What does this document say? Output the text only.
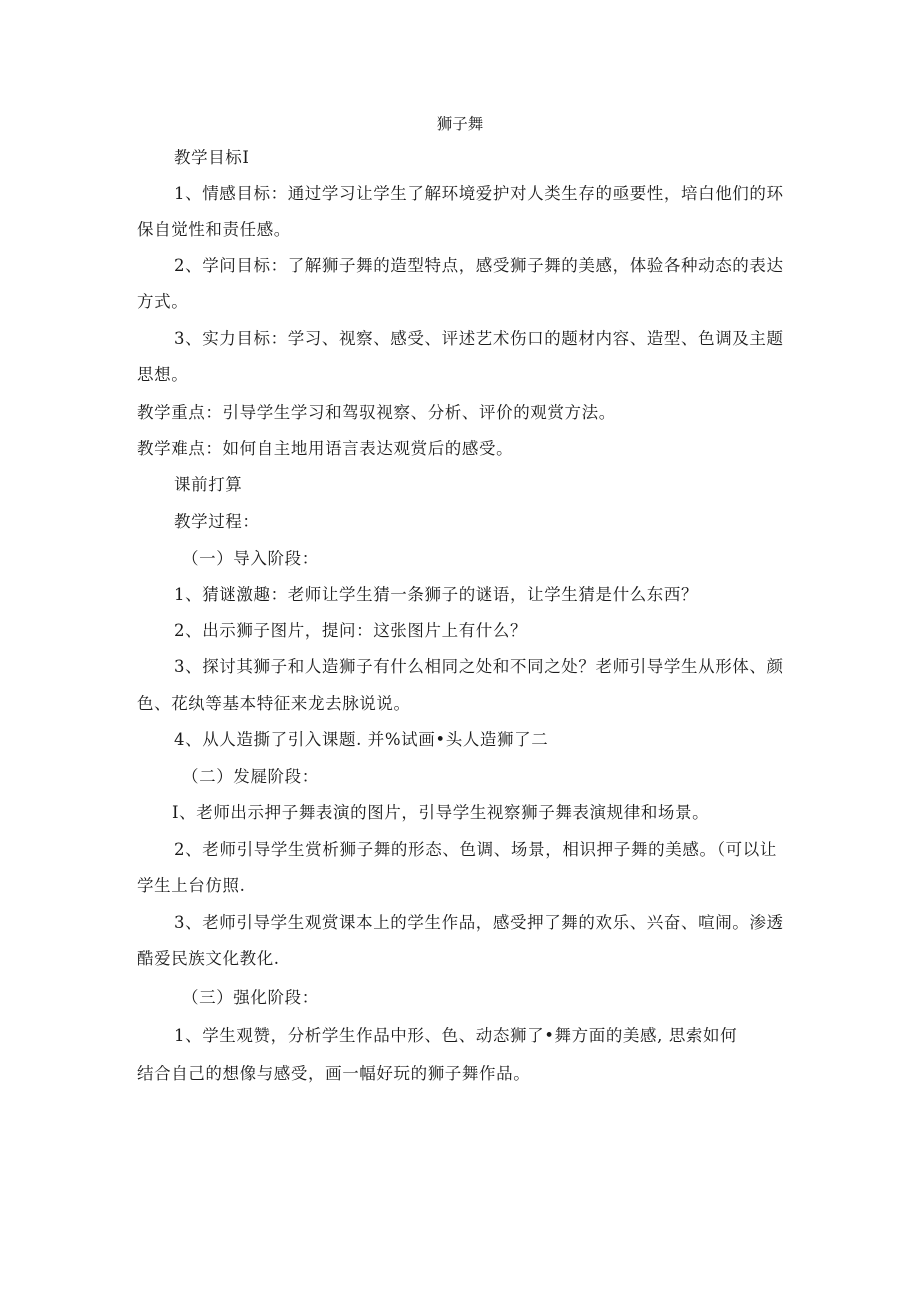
狮子舞
教学目标I
1、情感目标：通过学习让学生了解环境爱护对人类生存的亟要性，培白他们的环
保自觉性和责任感。
2、学问目标：了解狮子舞的造型特点，感受狮子舞的美感，体验各种动态的表达
方式。
3、实力目标：学习、视察、感受、评述艺术伤口的题材内容、造型、色调及主题
思想。
教学重点：引导学生学习和驾驭视察、分析、评价的观赏方法。
教学难点：如何自主地用语言表达观赏后的感受。
课前打算
教学过程：
（一）导入阶段：
1、猜谜激趣：老师让学生猜一条狮子的谜语，让学生猜是什么东西？
2、出示狮子图片，提问：这张图片上有什么？
3、探讨其狮子和人造狮子有什么相同之处和不同之处？老师引导学生从形体、颜
色、花纨等基本特征来龙去脉说说。
4、从人造撕了引入课题. 并%试画•头人造狮了二
（二）发屣阶段：
I、老师出示押子舞表演的图片，引导学生视察狮子舞表演规律和场景。
2、老师引导学生赏析狮子舞的形态、色调、场景，相识押子舞的美感。（可以让
学生上台仿照.
3、老师引导学生观赏课本上的学生作品，感受押了舞的欢乐、兴奋、喧闹。渗透
酷爱民族文化教化.
（三）强化阶段：
1、学生观赞，分析学生作品中形、色、动态狮了•舞方面的美感, 思索如何
结合自己的想像与感受，画一幅好玩的狮子舞作品。
